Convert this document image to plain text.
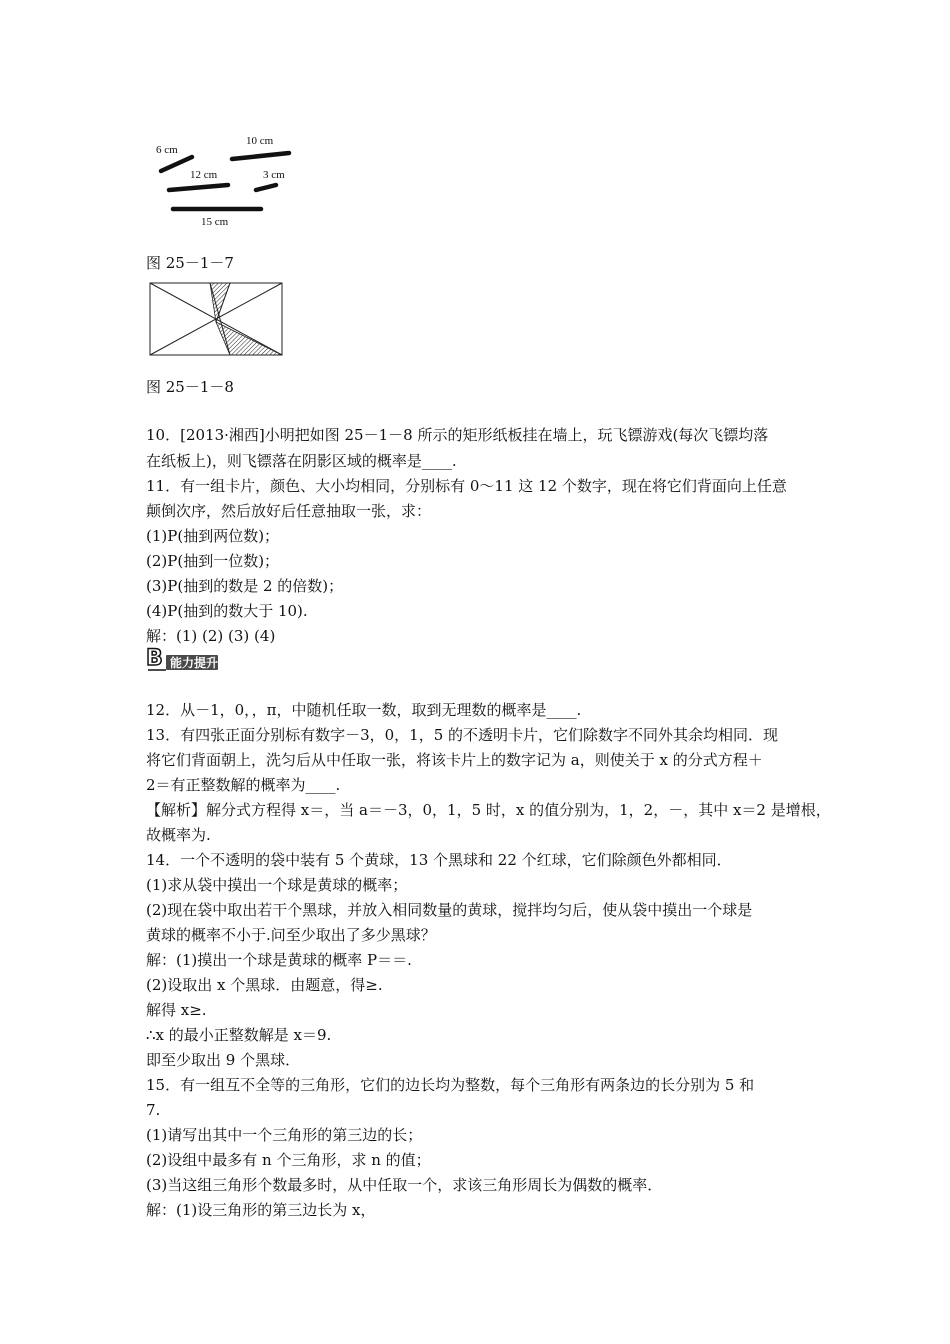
6 cm
10 cm
12 cm	3 cm
15 cm
图 25－1－7
图 25－1－8
10．[2013·湘西]小明把如图 25－1－8 所示的矩形纸板挂在墙上，玩飞镖游戏(每次飞镖均落
在纸板上)，则飞镖落在阴影区域的概率是____.
11．有一组卡片，颜色、大小均相同，分别标有 0～11 这 12 个数字，现在将它们背面向上任意
颠倒次序，然后放好后任意抽取一张，求：
(1)P(抽到两位数)；
(2)P(抽到一位数)；
(3)P(抽到的数是 2 的倍数)；
(4)P(抽到的数大于 10).
解：(1) (2) (3) (4)
B 能力提升
12．从－1，0，，π，中随机任取一数，取到无理数的概率是____.
13．有四张正面分别标有数字－3，0，1，5 的不透明卡片，它们除数字不同外其余均相同．现
将它们背面朝上，洗匀后从中任取一张，将该卡片上的数字记为 a，则使关于 x 的分式方程＋
2＝有正整数解的概率为____.
【解析】解分式方程得 x＝，当 a＝－3，0，1，5 时，x 的值分别为，1，2，－，其中 x＝2 是增根，
故概率为.
14．一个不透明的袋中装有 5 个黄球，13 个黑球和 22 个红球，它们除颜色外都相同．
(1)求从袋中摸出一个球是黄球的概率；
(2)现在袋中取出若干个黑球，并放入相同数量的黄球，搅拌均匀后，使从袋中摸出一个球是
黄球的概率不小于.问至少取出了多少黑球？
解：(1)摸出一个球是黄球的概率 P＝＝.
(2)设取出 x 个黑球．由题意，得≥.
解得 x≥.
∴x 的最小正整数解是 x＝9.
即至少取出 9 个黑球．
15．有一组互不全等的三角形，它们的边长均为整数，每个三角形有两条边的长分别为 5 和
7.
(1)请写出其中一个三角形的第三边的长；
(2)设组中最多有 n 个三角形，求 n 的值；
(3)当这组三角形个数最多时，从中任取一个，求该三角形周长为偶数的概率．
解：(1)设三角形的第三边长为 x，
